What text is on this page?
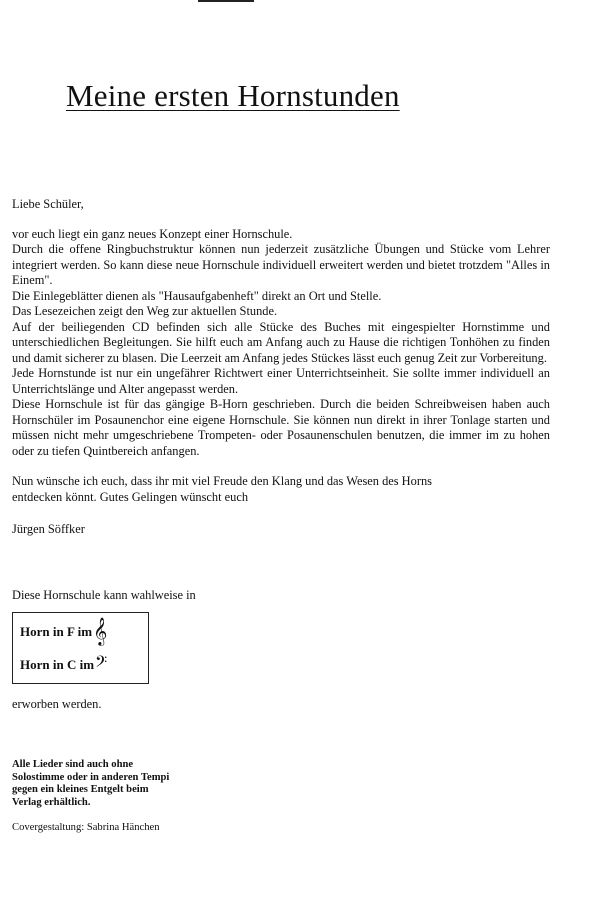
Meine ersten Hornstunden

Liebe Schüler,

vor euch liegt ein ganz neues Konzept einer Hornschule.

Durch die offene Ringbuchstruktur können nun jederzeit zusätzliche Übungen und Stücke vom Lehrer integriert werden. So kann diese neue Hornschule individuell erweitert werden und bietet trotzdem "Alles in Einem".

Die Einlegeblätter dienen als "Hausaufgabenheft" direkt an Ort und Stelle.

Das Lesezeichen zeigt den Weg zur aktuellen Stunde.

Auf der beiliegenden CD befinden sich alle Stücke des Buches mit eingespielter Hornstimme und unterschiedlichen Begleitungen. Sie hilft euch am Anfang auch zu Hause die richtigen Tonhöhen zu finden und damit sicherer zu blasen. Die Leerzeit am Anfang jedes Stückes lässt euch genug Zeit zur Vorbereitung.

Jede Hornstunde ist nur ein ungefährer Richtwert einer Unterrichtseinheit. Sie sollte immer individuell an Unterrichtslänge und Alter angepasst werden.

Diese Hornschule ist für das gängige B-Horn geschrieben. Durch die beiden Schreibweisen haben auch Hornschüler im Posaunenchor eine eigene Hornschule. Sie können nun direkt in ihrer Tonlage starten und müssen nicht mehr umgeschriebene Trompeten- oder Posaunenschulen benutzen, die immer im zu hohen oder zu tiefen Quintbereich anfangen.

Nun wünsche ich euch, dass ihr mit viel Freude den Klang und das Wesen des Horns

entdecken könnt. Gutes Gelingen wünscht euch

Jürgen Söffker

Diese Hornschule kann wahlweise in
Horn in F im𝄞
Horn in C im𝄢
erworben werden.
Alle Lieder sind auch ohne
Solostimme oder in anderen Tempi
gegen ein kleines Entgelt beim
Verlag erhältlich.
Covergestaltung: Sabrina Hänchen
